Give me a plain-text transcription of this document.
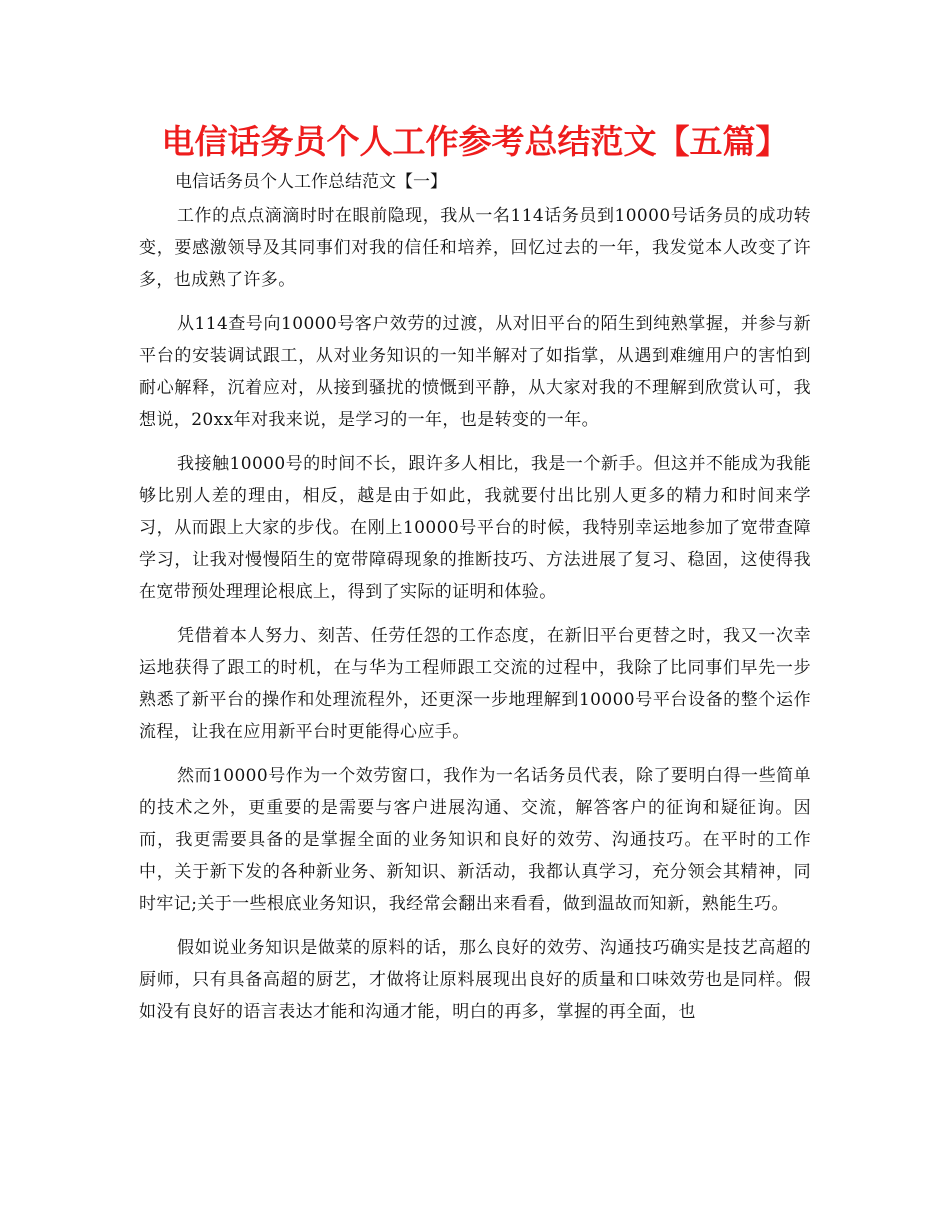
电信话务员个人工作参考总结范文【五篇】
电信话务员个人工作总结范文【一】

工作的点点滴滴时时在眼前隐现，我从一名114话务员到10000号话务员的成功转变，要感激领导及其同事们对我的信任和培养，回忆过去的一年，我发觉本人改变了许多，也成熟了许多。

从114查号向10000号客户效劳的过渡，从对旧平台的陌生到纯熟掌握，并参与新平台的安装调试跟工，从对业务知识的一知半解对了如指掌，从遇到难缠用户的害怕到耐心解释，沉着应对，从接到骚扰的愤慨到平静，从大家对我的不理解到欣赏认可，我想说，20xx年对我来说，是学习的一年，也是转变的一年。

我接触10000号的时间不长，跟许多人相比，我是一个新手。但这并不能成为我能够比别人差的理由，相反，越是由于如此，我就要付出比别人更多的精力和时间来学习，从而跟上大家的步伐。在刚上10000号平台的时候，我特别幸运地参加了宽带查障学习，让我对慢慢陌生的宽带障碍现象的推断技巧、方法进展了复习、稳固，这使得我在宽带预处理理论根底上，得到了实际的证明和体验。

凭借着本人努力、刻苦、任劳任怨的工作态度，在新旧平台更替之时，我又一次幸运地获得了跟工的时机，在与华为工程师跟工交流的过程中，我除了比同事们早先一步熟悉了新平台的操作和处理流程外，还更深一步地理解到10000号平台设备的整个运作流程，让我在应用新平台时更能得心应手。

然而10000号作为一个效劳窗口，我作为一名话务员代表，除了要明白得一些简单的技术之外，更重要的是需要与客户进展沟通、交流，解答客户的征询和疑征询。因而，我更需要具备的是掌握全面的业务知识和良好的效劳、沟通技巧。在平时的工作中，关于新下发的各种新业务、新知识、新活动，我都认真学习，充分领会其精神，同时牢记;关于一些根底业务知识，我经常会翻出来看看，做到温故而知新，熟能生巧。

假如说业务知识是做菜的原料的话，那么良好的效劳、沟通技巧确实是技艺高超的厨师，只有具备高超的厨艺，才做将让原料展现出良好的质量和口味效劳也是同样。假如没有良好的语言表达才能和沟通才能，明白的再多，掌握的再全面，也
